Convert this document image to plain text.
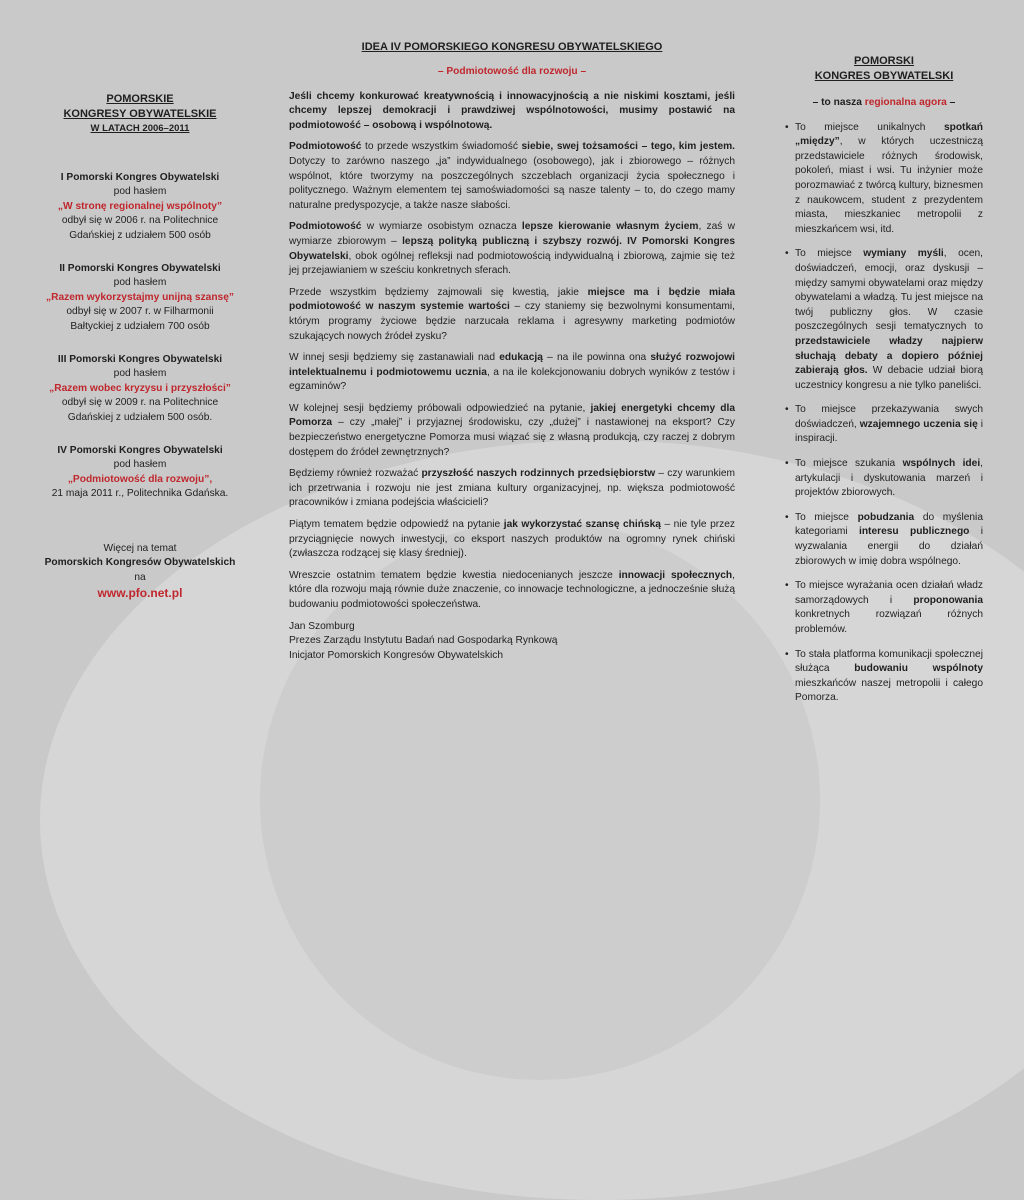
POMORSKIE
KONGRESY OBYWATELSKIE
W LATACH 2006–2011
I Pomorski Kongres Obywatelski
pod hasłem
„W stronę regionalnej wspólnoty”
odbył się w 2006 r. na Politechnice
Gdańskiej z udziałem 500 osób
II Pomorski Kongres Obywatelski
pod hasłem
„Razem wykorzystajmy unijną szansę”
odbył się w 2007 r. w Filharmonii
Bałtyckiej z udziałem 700 osób
III Pomorski Kongres Obywatelski
pod hasłem
„Razem wobec kryzysu i przyszłości”
odbył się w 2009 r. na Politechnice
Gdańskiej z udziałem 500 osób.
IV Pomorski Kongres Obywatelski
pod hasłem
„Podmiotowość dla rozwoju”,
21 maja 2011 r., Politechnika Gdańska.
Więcej na temat
Pomorskich Kongresów Obywatelskich
na
www.pfo.net.pl
IDEA IV POMORSKIEGO KONGRESU OBYWATELSKIEGO
– Podmiotowość dla rozwoju –

Jeśli chcemy konkurować kreatywnością i innowacyjnością a nie niskimi kosztami, jeśli chcemy lepszej demokracji i prawdziwej wspólnotowości, musimy postawić na podmiotowość – osobową i wspólnotową.

Podmiotowość to przede wszystkim świadomość siebie, swej tożsamości – tego, kim jestem. Dotyczy to zarówno naszego „ja” indywidualnego (osobowego), jak i zbiorowego – różnych wspólnot, które tworzymy na poszczególnych szczeblach organizacji życia społecznego i politycznego. Ważnym elementem tej samoświadomości są nasze talenty – to, do czego mamy naturalne predyspozycje, a także nasze słabości.

Podmiotowość w wymiarze osobistym oznacza lepsze kierowanie własnym życiem, zaś w wymiarze zbiorowym – lepszą polityką publiczną i szybszy rozwój. IV Pomorski Kongres Obywatelski, obok ogólnej refleksji nad podmiotowością indywidualną i zbiorową, zajmie się też jej przejawianiem w sześciu konkretnych sferach.

Przede wszystkim będziemy zajmowali się kwestią, jakie miejsce ma i będzie miała podmiotowość w naszym systemie wartości – czy staniemy się bezwolnymi konsumentami, którym programy życiowe będzie narzucała reklama i agresywny marketing podmiotów szukających nowych źródeł zysku?

W innej sesji będziemy się zastanawiali nad edukacją – na ile powinna ona służyć rozwojowi intelektualnemu i podmiotowemu ucznia, a na ile kolekcjonowaniu dobrych wyników z testów i egzaminów?

W kolejnej sesji będziemy próbowali odpowiedzieć na pytanie, jakiej energetyki chcemy dla Pomorza – czy „małej” i przyjaznej środowisku, czy „dużej” i nastawionej na eksport? Czy bezpieczeństwo energetyczne Pomorza musi wiązać się z własną produkcją, czy raczej z dobrym dostępem do źródeł zewnętrznych?

Będziemy również rozważać przyszłość naszych rodzinnych przedsiębiorstw – czy warunkiem ich przetrwania i rozwoju nie jest zmiana kultury organizacyjnej, np. większa podmiotowość pracowników i zmiana podejścia właścicieli?

Piątym tematem będzie odpowiedź na pytanie jak wykorzystać szansę chińską – nie tyle przez przyciągnięcie nowych inwestycji, co eksport naszych produktów na ogromny rynek chiński (zwłaszcza rodzącej się klasy średniej).

Wreszcie ostatnim tematem będzie kwestia niedocenianych jeszcze innowacji społecznych, które dla rozwoju mają równie duże znaczenie, co innowacje technologiczne, a jednocześnie służą budowaniu podmiotowości społeczeństwa.

Jan Szomburg
Prezes Zarządu Instytutu Badań nad Gospodarką Rynkową
Inicjator Pomorskich Kongresów Obywatelskich
POMORSKI
KONGRES OBYWATELSKI
– to nasza regionalna agora –
• To miejsce unikalnych spotkań „między”, w których uczestniczą przedstawiciele różnych środowisk, pokoleń, miast i wsi. Tu inżynier może porozmawiać z twórcą kultury, biznesmen z naukowcem, student z prezydentem miasta, mieszkaniec metropolii z mieszkańcem wsi, itd.
• To miejsce wymiany myśli, ocen, doświadczeń, emocji, oraz dyskusji – między samymi obywatelami oraz między obywatelami a władzą. Tu jest miejsce na twój publiczny głos. W czasie poszczególnych sesji tematycznych to przedstawiciele władzy najpierw słuchają debaty a dopiero później zabierają głos. W debacie udział biorą uczestnicy kongresu a nie tylko paneliści.
• To miejsce przekazywania swych doświadczeń, wzajemnego uczenia się i inspiracji.
• To miejsce szukania wspólnych idei, artykulacji i dyskutowania marzeń i projektów zbiorowych.
• To miejsce pobudzania do myślenia kategoriami interesu publicznego i wyzwalania energii do działań zbiorowych w imię dobra wspólnego.
• To miejsce wyrażania ocen działań władz samorządowych i proponowania konkretnych rozwiązań różnych problemów.
• To stała platforma komunikacji społecznej służąca budowaniu wspólnoty mieszkańców naszej metropolii i całego Pomorza.
